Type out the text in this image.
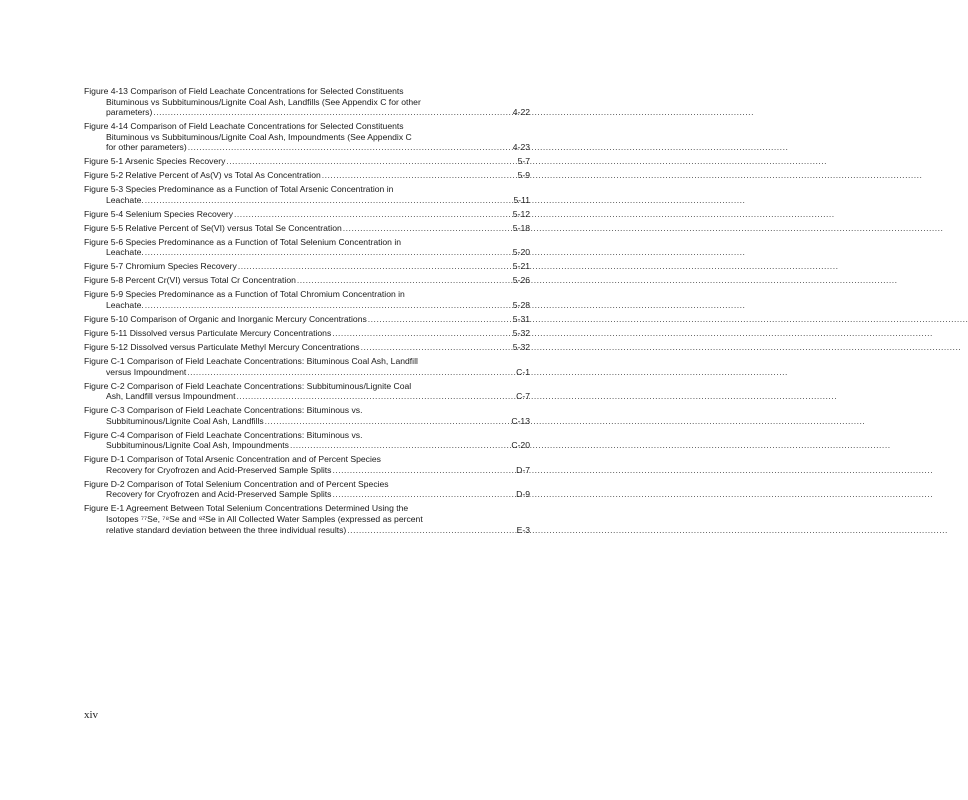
Figure 4-13 Comparison of Field Leachate Concentrations for Selected Constituents
Bituminous vs Subbituminous/Lignite Coal Ash, Landfills (See Appendix C for other
parameters) .....	4-22
Figure 4-14 Comparison of Field Leachate Concentrations for Selected Constituents
Bituminous vs Subbituminous/Lignite Coal Ash, Impoundments (See Appendix C
for other parameters) .....	4-23
Figure 5-1 Arsenic Species Recovery .....	5-7
Figure 5-2 Relative Percent of As(V) vs Total As Concentration .....	5-9
Figure 5-3 Species Predominance as a Function of Total Arsenic Concentration in
Leachate. .....	5-11
Figure 5-4 Selenium Species Recovery .....	5-12
Figure 5-5 Relative Percent of Se(VI) versus Total Se Concentration .....	5-18
Figure 5-6 Species Predominance as a Function of Total Selenium Concentration in
Leachate. .....	5-20
Figure 5-7 Chromium Species Recovery .....	5-21
Figure 5-8 Percent Cr(VI) versus Total Cr Concentration .....	5-26
Figure 5-9 Species Predominance as a Function of Total Chromium Concentration in
Leachate. .....	5-28
Figure 5-10 Comparison of Organic and Inorganic Mercury Concentrations .....	5-31
Figure 5-11 Dissolved versus Particulate Mercury Concentrations .....	5-32
Figure 5-12 Dissolved versus Particulate Methyl Mercury Concentrations .....	5-32
Figure C-1 Comparison of Field Leachate Concentrations: Bituminous Coal Ash, Landfill
versus Impoundment .....	C-1
Figure C-2 Comparison of Field Leachate Concentrations: Subbituminous/Lignite Coal
Ash, Landfill versus Impoundment .....	C-7
Figure C-3 Comparison of Field Leachate Concentrations: Bituminous vs.
Subbituminous/Lignite Coal Ash, Landfills .....	C-13
Figure C-4 Comparison of Field Leachate Concentrations: Bituminous vs.
Subbituminous/Lignite Coal Ash, Impoundments .....	C-20
Figure D-1 Comparison of Total Arsenic Concentration and of Percent Species
Recovery for Cryofrozen and Acid-Preserved Sample Splits .....	D-7
Figure D-2 Comparison of Total Selenium Concentration and of Percent Species
Recovery for Cryofrozen and Acid-Preserved Sample Splits .....	D-9
Figure E-1 Agreement Between Total Selenium Concentrations Determined Using the
Isotopes ⁷⁷Se, ⁷⁸Se and ⁸²Se in All Collected Water Samples (expressed as percent
relative standard deviation between the three individual results) .....	E-3
xiv
